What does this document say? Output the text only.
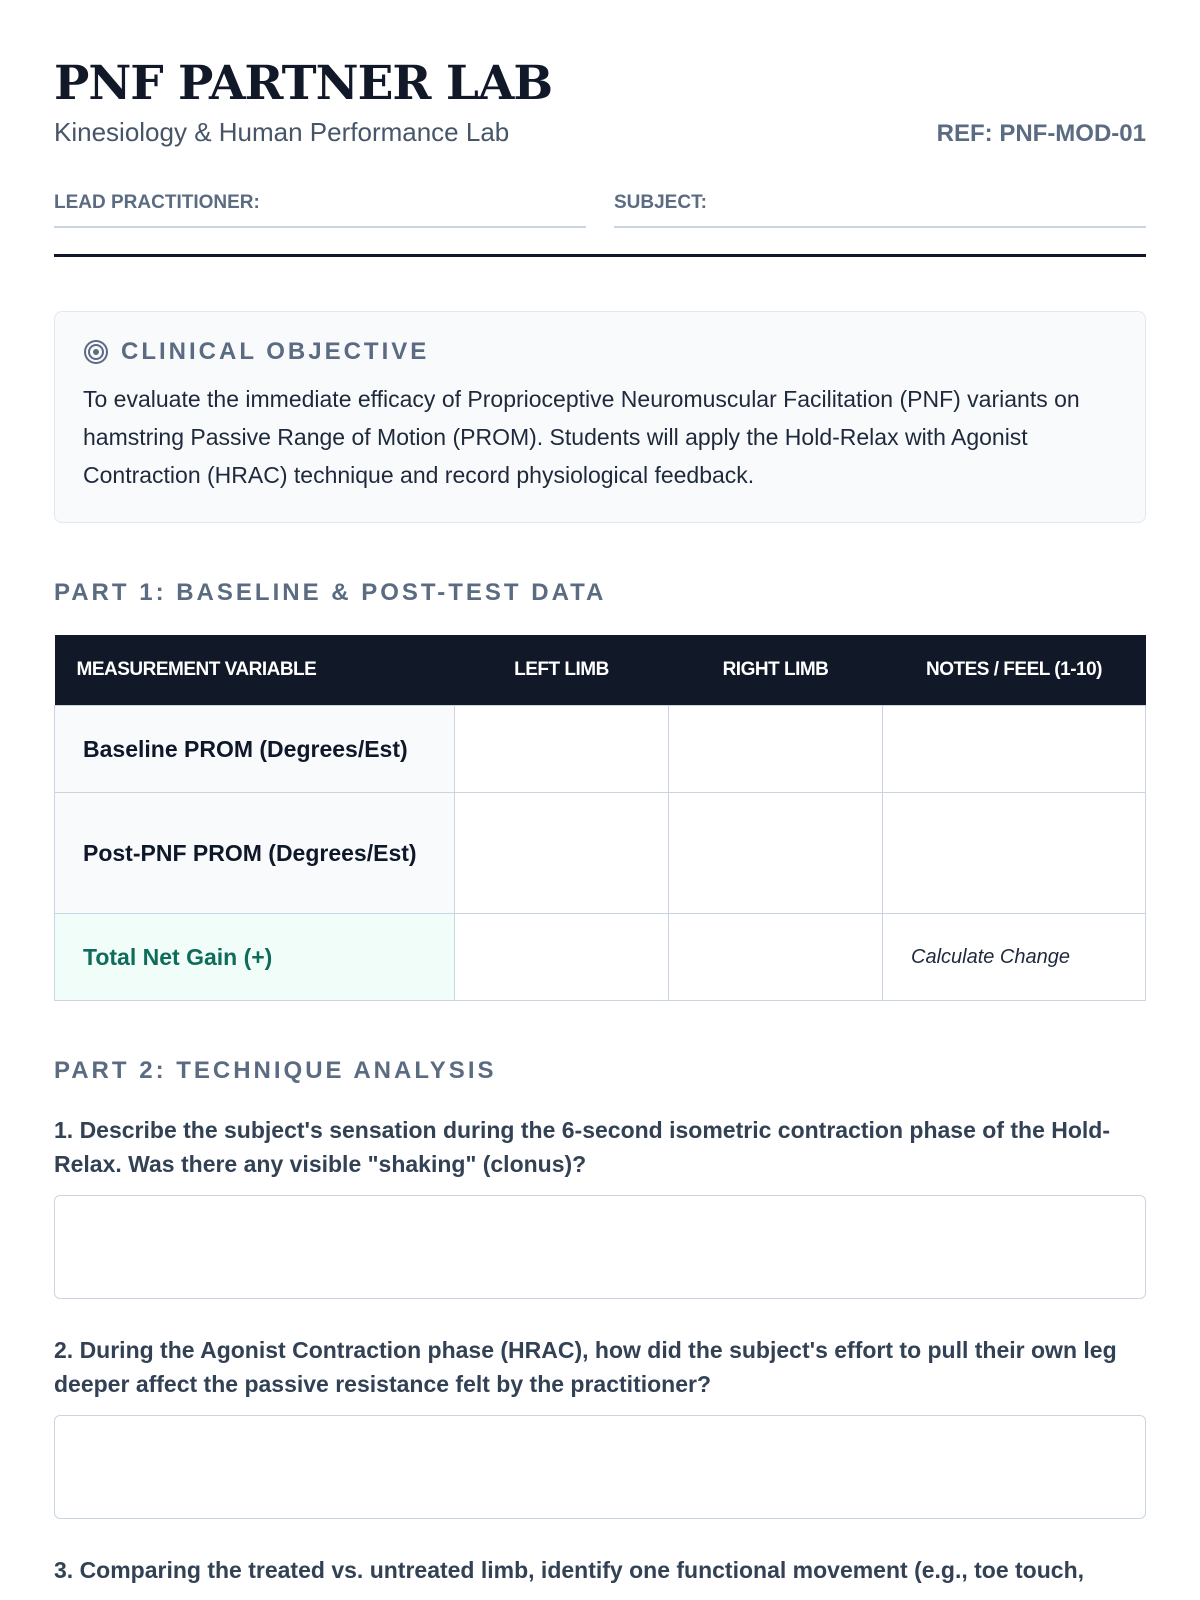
PNF PARTNER LAB
Kinesiology & Human Performance Lab	REF: PNF-MOD-01
LEAD PRACTITIONER:	SUBJECT:
CLINICAL OBJECTIVE
To evaluate the immediate efficacy of Proprioceptive Neuromuscular Facilitation (PNF) variants on hamstring Passive Range of Motion (PROM). Students will apply the Hold-Relax with Agonist Contraction (HRAC) technique and record physiological feedback.
PART 1: BASELINE & POST-TEST DATA
MEASUREMENT VARIABLE	LEFT LIMB	RIGHT LIMB	NOTES / FEEL (1-10)
Baseline PROM (Degrees/Est)			
Post-PNF PROM (Degrees/Est)			
Total Net Gain (+)			Calculate Change
PART 2: TECHNIQUE ANALYSIS
1. Describe the subject's sensation during the 6-second isometric contraction phase of the Hold-Relax. Was there any visible "shaking" (clonus)?
2. During the Agonist Contraction phase (HRAC), how did the subject's effort to pull their own leg deeper affect the passive resistance felt by the practitioner?
3. Comparing the treated vs. untreated limb, identify one functional movement (e.g., toe touch,
